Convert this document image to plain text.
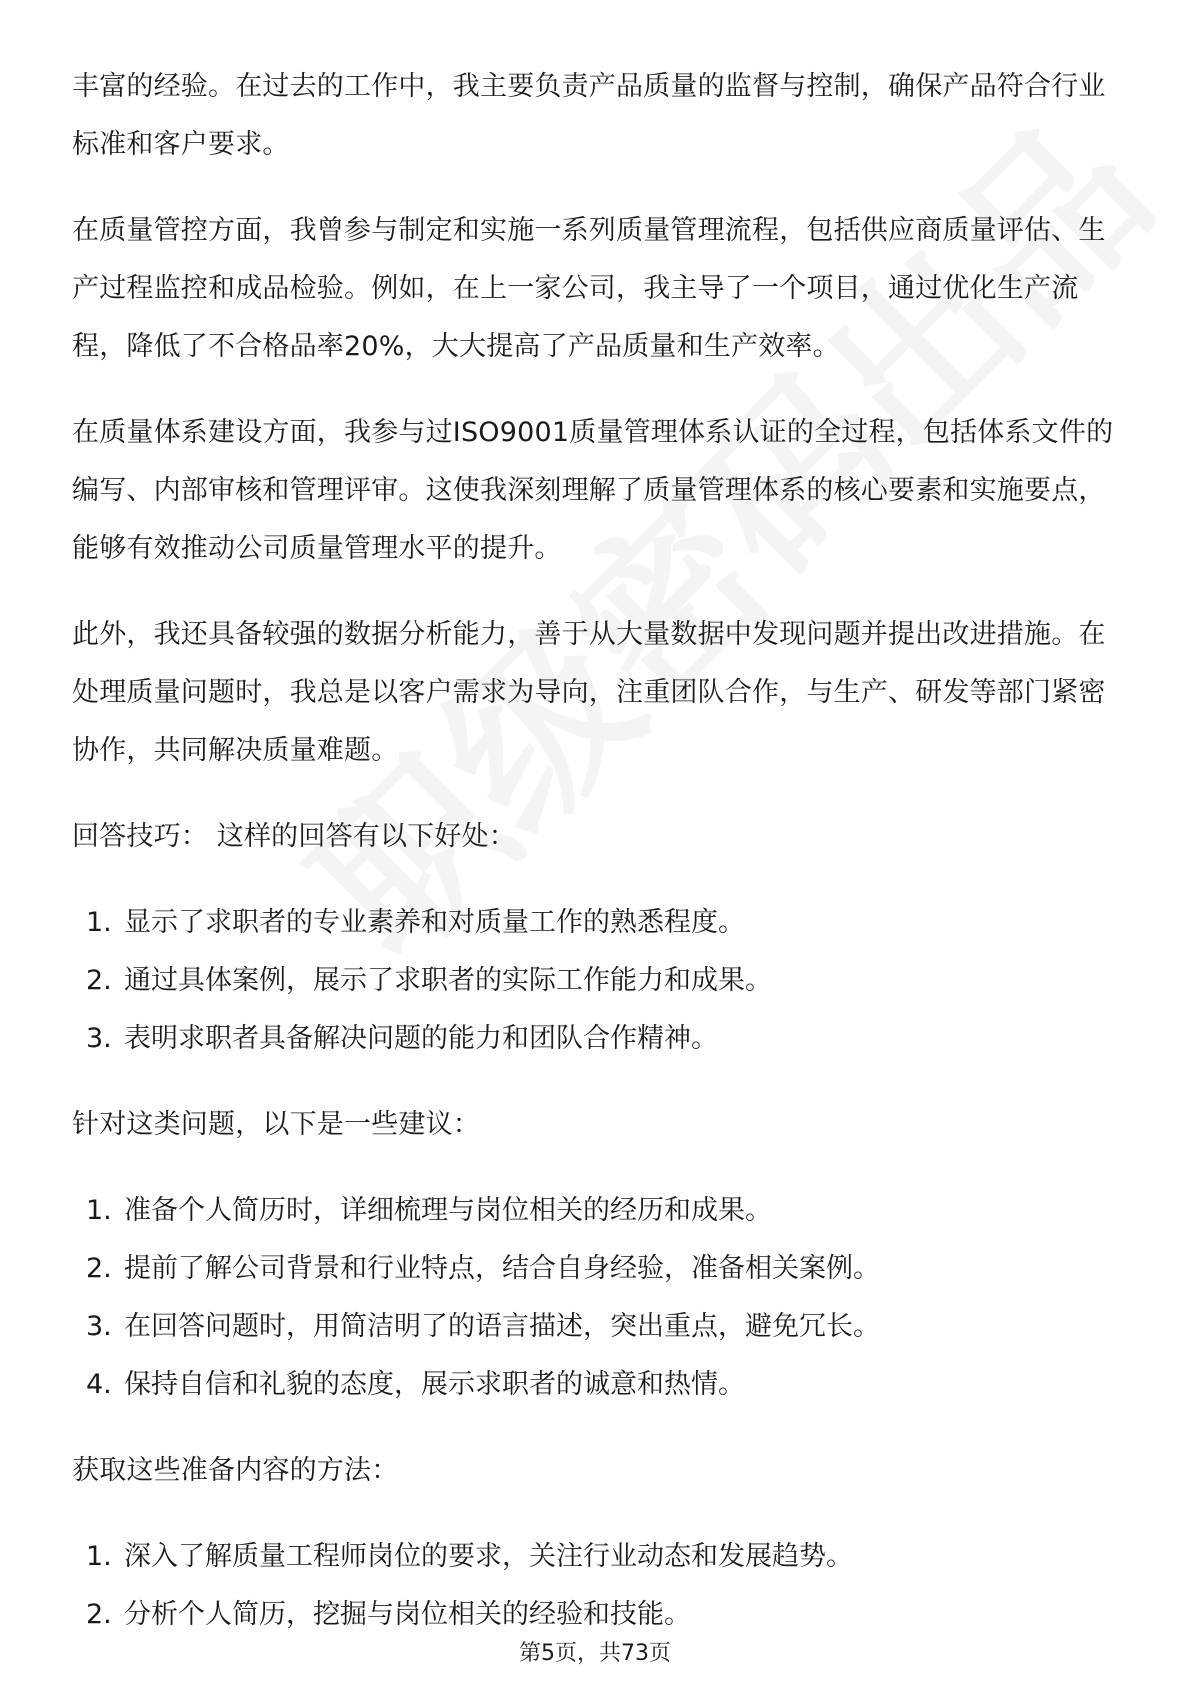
丰富的经验。在过去的工作中，我主要负责产品质量的监督与控制，确保产品符合行业标准和客户要求。

在质量管控方面，我曾参与制定和实施一系列质量管理流程，包括供应商质量评估、生产过程监控和成品检验。例如，在上一家公司，我主导了一个项目，通过优化生产流程，降低了不合格品率20%，大大提高了产品质量和生产效率。

在质量体系建设方面，我参与过ISO9001质量管理体系认证的全过程，包括体系文件的编写、内部审核和管理评审。这使我深刻理解了质量管理体系的核心要素和实施要点，能够有效推动公司质量管理水平的提升。

此外，我还具备较强的数据分析能力，善于从大量数据中发现问题并提出改进措施。在处理质量问题时，我总是以客户需求为导向，注重团队合作，与生产、研发等部门紧密协作，共同解决质量难题。

回答技巧： 这样的回答有以下好处：

1. 显示了求职者的专业素养和对质量工作的熟悉程度。
2. 通过具体案例，展示了求职者的实际工作能力和成果。
3. 表明求职者具备解决问题的能力和团队合作精神。

针对这类问题，以下是一些建议：

1. 准备个人简历时，详细梳理与岗位相关的经历和成果。
2. 提前了解公司背景和行业特点，结合自身经验，准备相关案例。
3. 在回答问题时，用简洁明了的语言描述，突出重点，避免冗长。
4. 保持自信和礼貌的态度，展示求职者的诚意和热情。

获取这些准备内容的方法：

1. 深入了解质量工程师岗位的要求，关注行业动态和发展趋势。
2. 分析个人简历，挖掘与岗位相关的经验和技能。
第5页，共73页
